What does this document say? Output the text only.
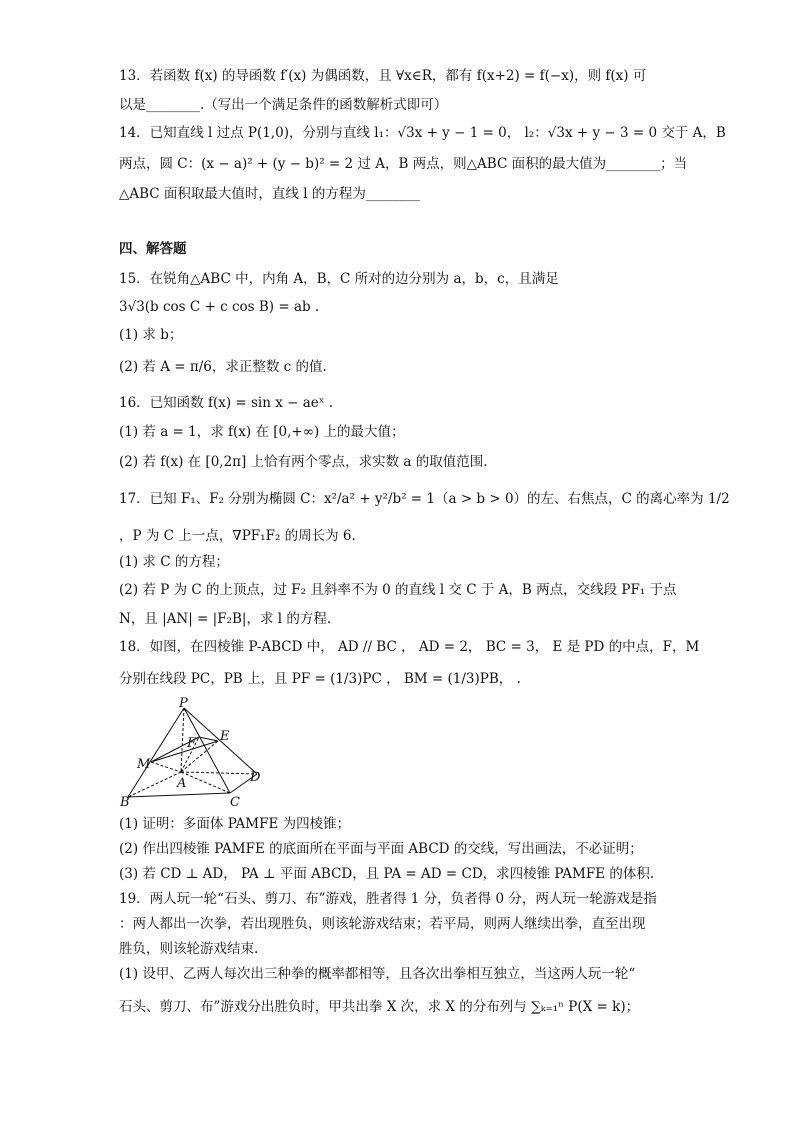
13．若函数 f(x) 的导函数 f′(x) 为偶函数，且 ∀x∈R，都有 f(x+2) = f(−x)，则 f(x) 可
以是________.（写出一个满足条件的函数解析式即可）
14．已知直线 l 过点 P(1,0)，分别与直线 l₁：√3x + y − 1 = 0， l₂：√3x + y − 3 = 0 交于 A，B
两点，圆 C：(x − a)² + (y − b)² = 2 过 A，B 两点，则△ABC 面积的最大值为________；当
△ABC 面积取最大值时，直线 l 的方程为________
四、解答题
15．在锐角△ABC 中，内角 A，B，C 所对的边分别为 a，b，c，且满足
3√3(b cos C + c cos B) = ab .
(1) 求 b；
(2) 若 A = π/6，求正整数 c 的值.
16．已知函数 f(x) = sin x − aeˣ .
(1) 若 a = 1，求 f(x) 在 [0,+∞) 上的最大值；
(2) 若 f(x) 在 [0,2π] 上恰有两个零点，求实数 a 的取值范围.
17．已知 F₁、F₂ 分别为椭圆 C：x²/a² + y²/b² = 1（a > b > 0）的左、右焦点，C 的离心率为 1/2
，P 为 C 上一点，∇PF₁F₂ 的周长为 6.
(1) 求 C 的方程；
(2) 若 P 为 C 的上顶点，过 F₂ 且斜率不为 0 的直线 l 交 C 于 A，B 两点，交线段 PF₁ 于点
N，且 |AN| = |F₂B|，求 l 的方程.
18．如图，在四棱锥 P-ABCD 中， AD // BC ， AD = 2， BC = 3， E 是 PD 的中点，F，M
分别在线段 PC，PB 上，且 PF = (1/3)PC ， BM = (1/3)PB， .
(1) 证明：多面体 PAMFE 为四棱锥；
(2) 作出四棱锥 PAMFE 的底面所在平面与平面 ABCD 的交线，写出画法，不必证明；
(3) 若 CD ⊥ AD， PA ⊥ 平面 ABCD，且 PA = AD = CD，求四棱锥 PAMFE 的体积.
19．两人玩一轮“石头、剪刀、布”游戏，胜者得 1 分，负者得 0 分，两人玩一轮游戏是指
：两人都出一次拳，若出现胜负，则该轮游戏结束；若平局，则两人继续出拳，直至出现
胜负，则该轮游戏结束.
(1) 设甲、乙两人每次出三种拳的概率都相等，且各次出拳相互独立，当这两人玩一轮“
石头、剪刀、布”游戏分出胜负时，甲共出拳 X 次，求 X 的分布列与 ∑ₖ₌₁ⁿ P(X = k)；
P
E
F
M
D
A
B	C
